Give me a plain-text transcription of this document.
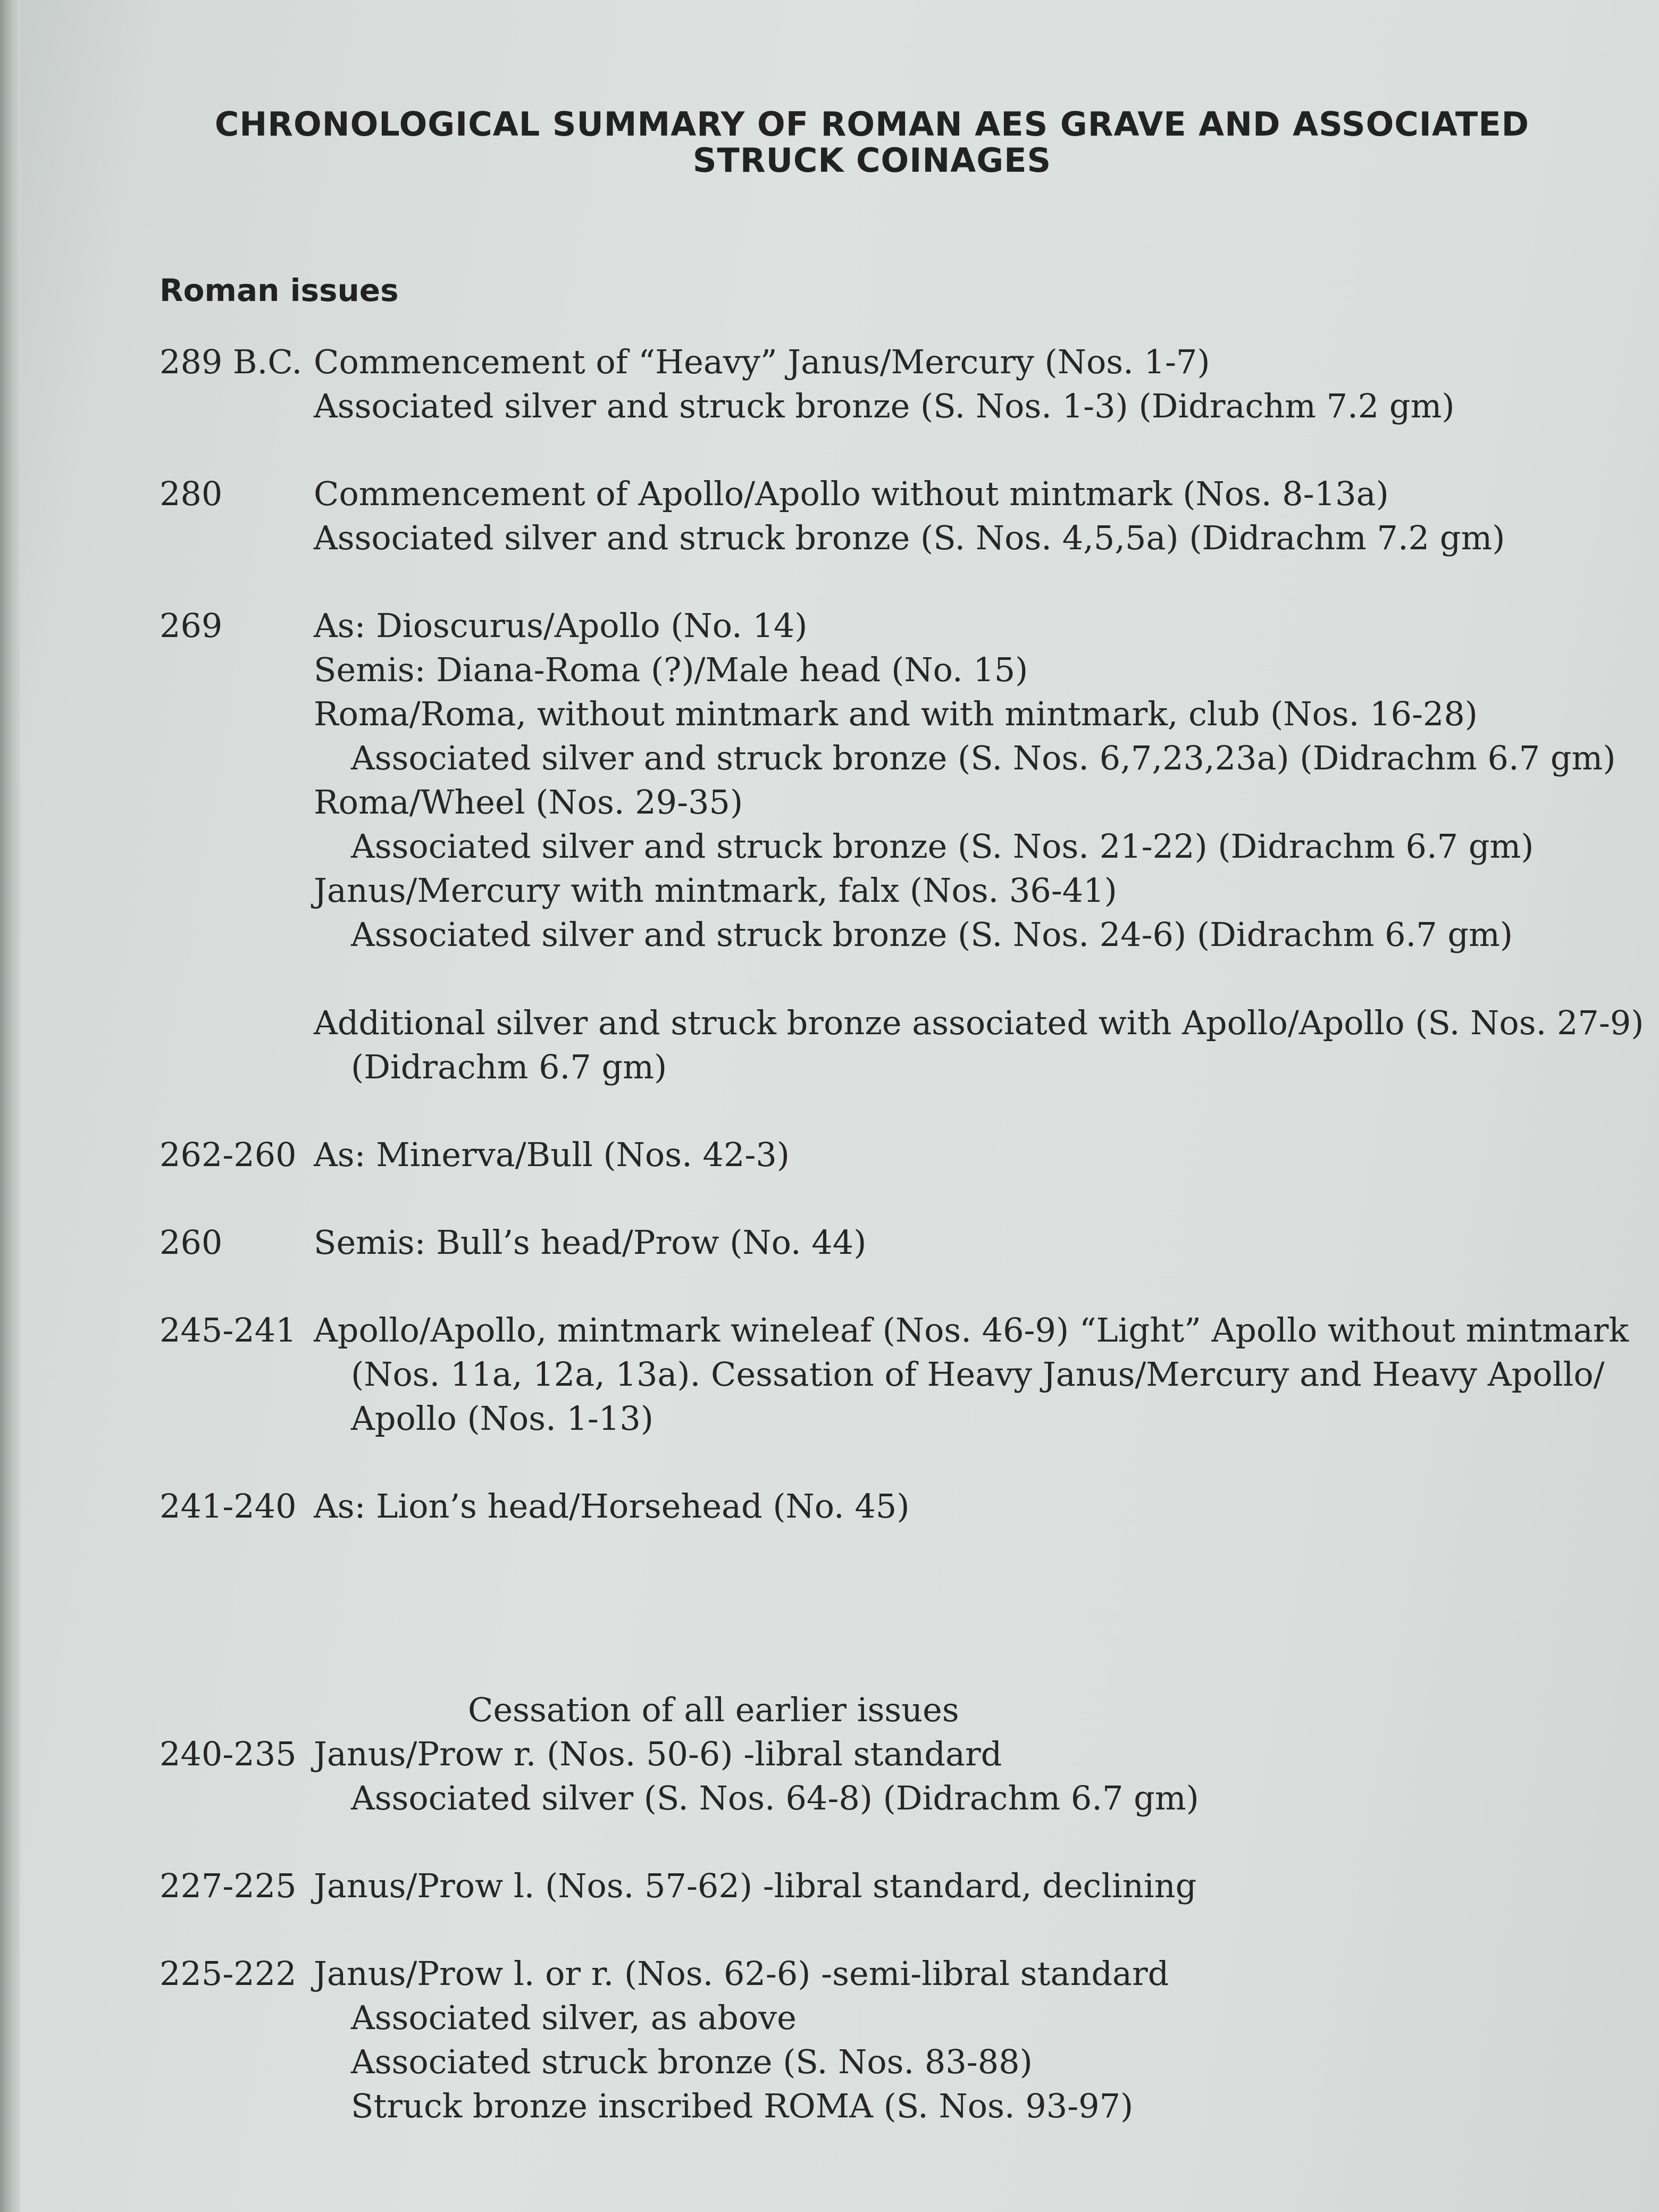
CHRONOLOGICAL SUMMARY OF ROMAN AES GRAVE AND ASSOCIATED
STRUCK COINAGES
Roman issues
289 B.C. Commencement of “Heavy” Janus/Mercury (Nos. 1-7)
Associated silver and struck bronze (S. Nos. 1-3) (Didrachm 7.2 gm)
280	Commencement of Apollo/Apollo without mintmark (Nos. 8-13a)
Associated silver and struck bronze (S. Nos. 4,5,5a) (Didrachm 7.2 gm)
269	As: Dioscurus/Apollo (No. 14)
Semis: Diana-Roma (?)/Male head (No. 15)
Roma/Roma, without mintmark and with mintmark, club (Nos. 16-28)
Associated silver and struck bronze (S. Nos. 6,7,23,23a) (Didrachm 6.7 gm)
Roma/Wheel (Nos. 29-35)
Associated silver and struck bronze (S. Nos. 21-22) (Didrachm 6.7 gm)
Janus/Mercury with mintmark, falx (Nos. 36-41)
Associated silver and struck bronze (S. Nos. 24-6) (Didrachm 6.7 gm)
Additional silver and struck bronze associated with Apollo/Apollo (S. Nos. 27-9)
(Didrachm 6.7 gm)
262-260 As: Minerva/Bull (Nos. 42-3)
260	Semis: Bull’s head/Prow (No. 44)
245-241 Apollo/Apollo, mintmark wineleaf (Nos. 46-9) “Light” Apollo without mintmark
(Nos. 11a, 12a, 13a). Cessation of Heavy Janus/Mercury and Heavy Apollo/
Apollo (Nos. 1-13)
241-240 As: Lion’s head/Horsehead (No. 45)
Cessation of all earlier issues
240-235 Janus/Prow r. (Nos. 50-6) -libral standard
Associated silver (S. Nos. 64-8) (Didrachm 6.7 gm)
227-225 Janus/Prow l. (Nos. 57-62) -libral standard, declining
225-222 Janus/Prow l. or r. (Nos. 62-6) -semi-libral standard
Associated silver, as above
Associated struck bronze (S. Nos. 83-88)
Struck bronze inscribed ROMA (S. Nos. 93-97)
